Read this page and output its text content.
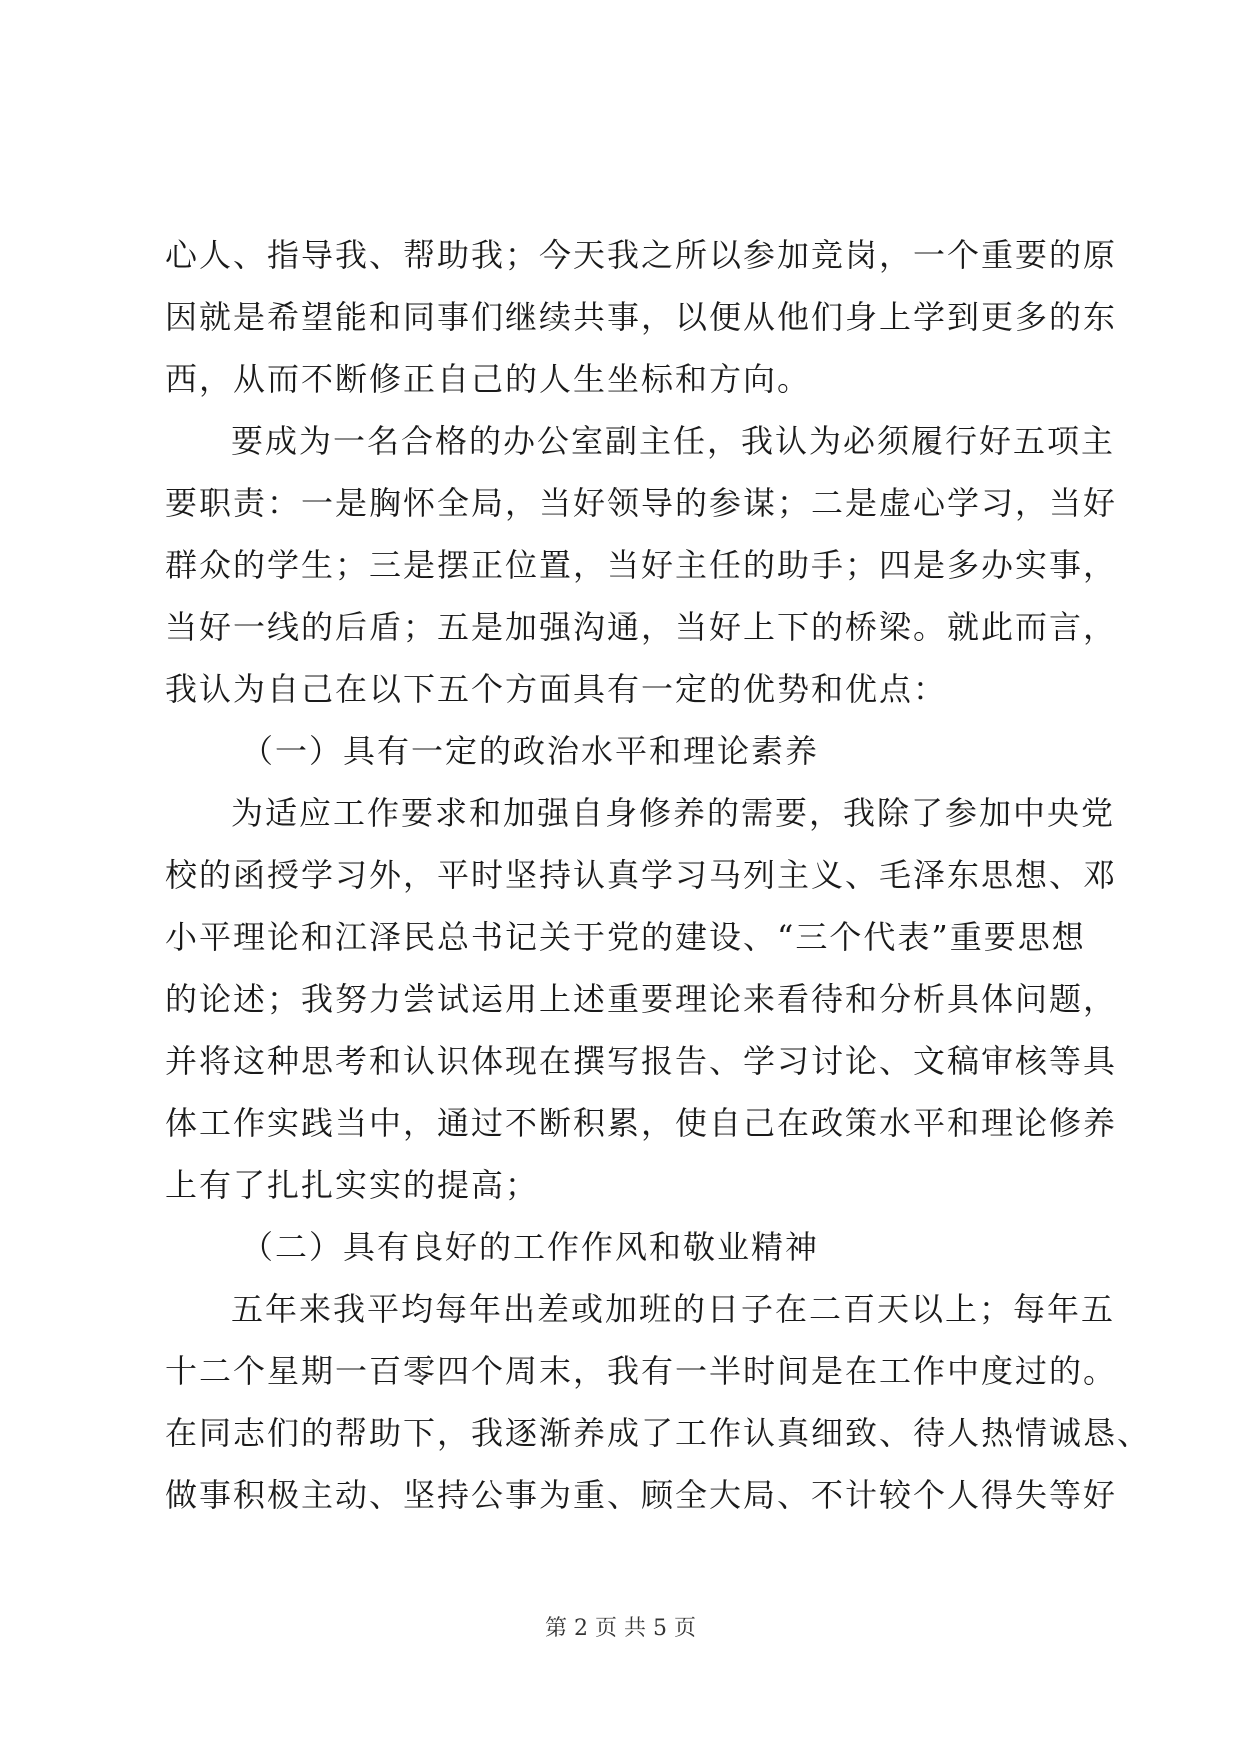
心人、指导我、帮助我；今天我之所以参加竞岗，一个重要的原
因就是希望能和同事们继续共事，以便从他们身上学到更多的东
西，从而不断修正自己的人生坐标和方向。
要成为一名合格的办公室副主任，我认为必须履行好五项主
要职责：一是胸怀全局，当好领导的参谋；二是虚心学习，当好
群众的学生；三是摆正位置，当好主任的助手；四是多办实事，
当好一线的后盾；五是加强沟通，当好上下的桥梁。就此而言，
我认为自己在以下五个方面具有一定的优势和优点：
（一）具有一定的政治水平和理论素养
为适应工作要求和加强自身修养的需要，我除了参加中央党
校的函授学习外，平时坚持认真学习马列主义、毛泽东思想、邓
小平理论和江泽民总书记关于党的建设、“三个代表”重要思想
的论述；我努力尝试运用上述重要理论来看待和分析具体问题，
并将这种思考和认识体现在撰写报告、学习讨论、文稿审核等具
体工作实践当中，通过不断积累，使自己在政策水平和理论修养
上有了扎扎实实的提高；
（二）具有良好的工作作风和敬业精神
五年来我平均每年出差或加班的日子在二百天以上；每年五
十二个星期一百零四个周末，我有一半时间是在工作中度过的。
在同志们的帮助下，我逐渐养成了工作认真细致、待人热情诚恳、
做事积极主动、坚持公事为重、顾全大局、不计较个人得失等好
第 2 页 共 5 页
